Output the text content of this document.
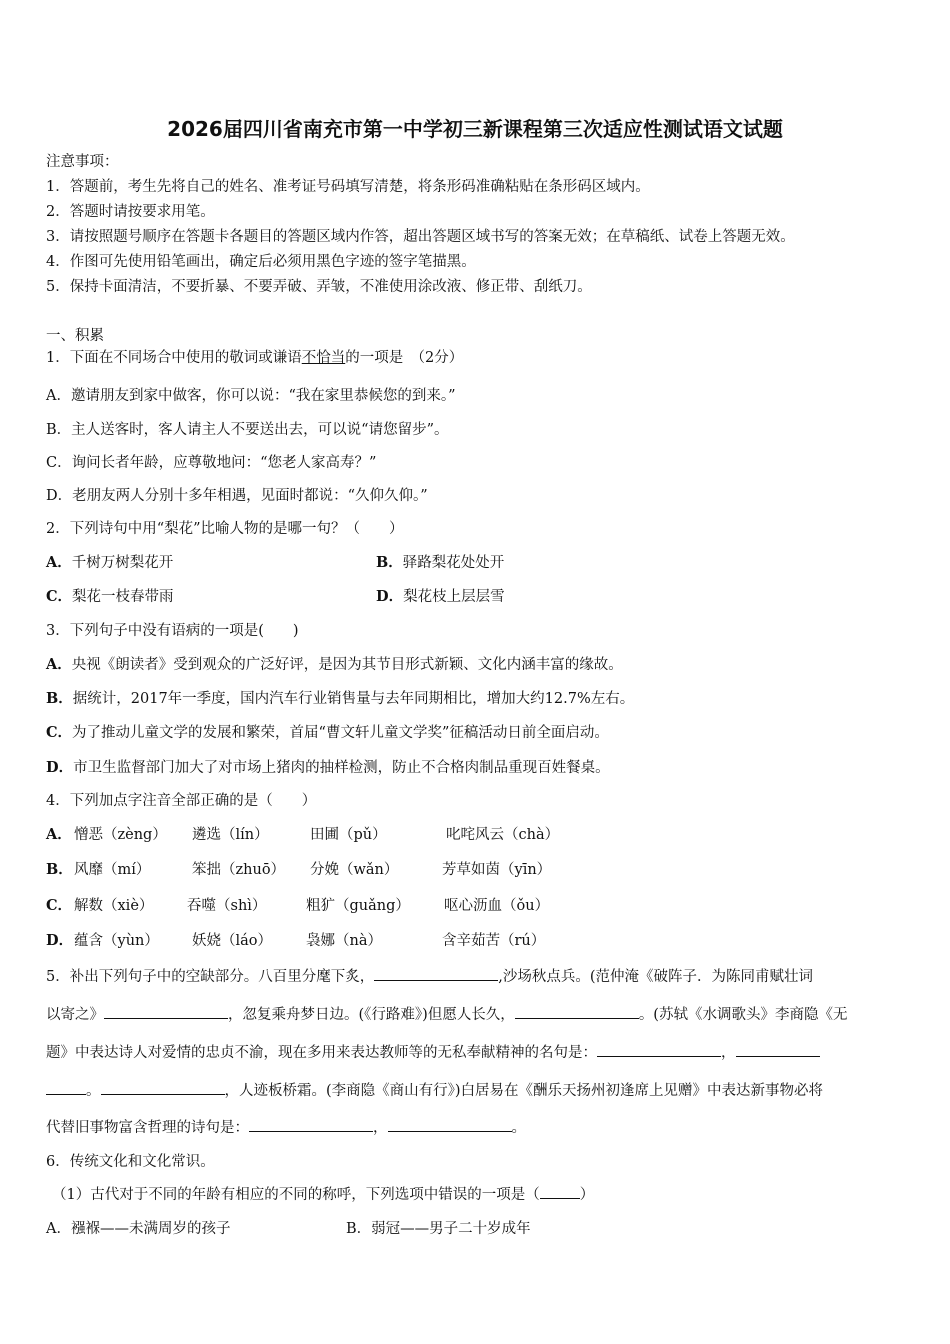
2026届四川省南充市第一中学初三新课程第三次适应性测试语文试题
注意事项：
1．答题前，考生先将自己的姓名、准考证号码填写清楚，将条形码准确粘贴在条形码区域内。
2．答题时请按要求用笔。
3．请按照题号顺序在答题卡各题目的答题区域内作答，超出答题区域书写的答案无效；在草稿纸、试卷上答题无效。
4．作图可先使用铅笔画出，确定后必须用黑色字迹的签字笔描黑。
5．保持卡面清洁，不要折暴、不要弄破、弄皱，不准使用涂改液、修正带、刮纸刀。
一、积累
1．下面在不同场合中使用的敬词或谦语不恰当的一项是　（2分）
A．邀请朋友到家中做客，你可以说：“我在家里恭候您的到来。”
B．主人送客时，客人请主人不要送出去，可以说“请您留步”。
C．询问长者年龄，应尊敬地问：“您老人家高寿？”
D．老朋友两人分别十多年相遇，见面时都说：“久仰久仰。”
2．下列诗句中用“梨花”比喻人物的是哪一句？（　　）
A．千树万树梨花开	B．驿路梨花处处开
C．梨花一枝春带雨	D．梨花枝上层层雪
3．下列句子中没有语病的一项是(　　)
A．央视《朗读者》受到观众的广泛好评，是因为其节目形式新颖、文化内涵丰富的缘故。
B．据统计，2017年一季度，国内汽车行业销售量与去年同期相比，增加大约12.7%左右。
C．为了推动儿童文学的发展和繁荣，首届“曹文轩儿童文学奖”征稿活动日前全面启动。
D．市卫生监督部门加大了对市场上猪肉的抽样检测，防止不合格肉制品重现百姓餐桌。
4．下列加点字注音全部正确的是（　　）
A． 憎恶（zèng） 遴选（lín）	田圃（pǔ）	叱咤风云（chà）
B． 风靡（mí）	笨拙（zhuō） 分娩（wǎn）	芳草如茵（yīn）
C． 解数（xiè） 吞噬（shì）	粗犷（guǎng） 呕心沥血（ǒu）
D． 蕴含（yùn） 妖娆（láo） 袅娜（nà）	含辛茹苦（rú）
5．补出下列句子中的空缺部分。八百里分麾下炙，	,沙场秋点兵。(范仲淹《破阵子．为陈同甫赋壮词
以寄之》	，忽复乘舟梦日边。(《行路难》)但愿人长久，	。(苏轼《水调歌头》李商隐《无
题》中表达诗人对爱情的忠贞不渝，现在多用来表达教师等的无私奉献精神的名句是：	，
。	，人迹板桥霜。(李商隐《商山有行》)白居易在《酬乐天扬州初逢席上见赠》中表达新事物必将
代替旧事物富含哲理的诗句是：	，	。
6．传统文化和文化常识。
（1）古代对于不同的年龄有相应的不同的称呼，下列选项中错误的一项是（	）
A．襁褓——未满周岁的孩子	B．弱冠——男子二十岁成年
